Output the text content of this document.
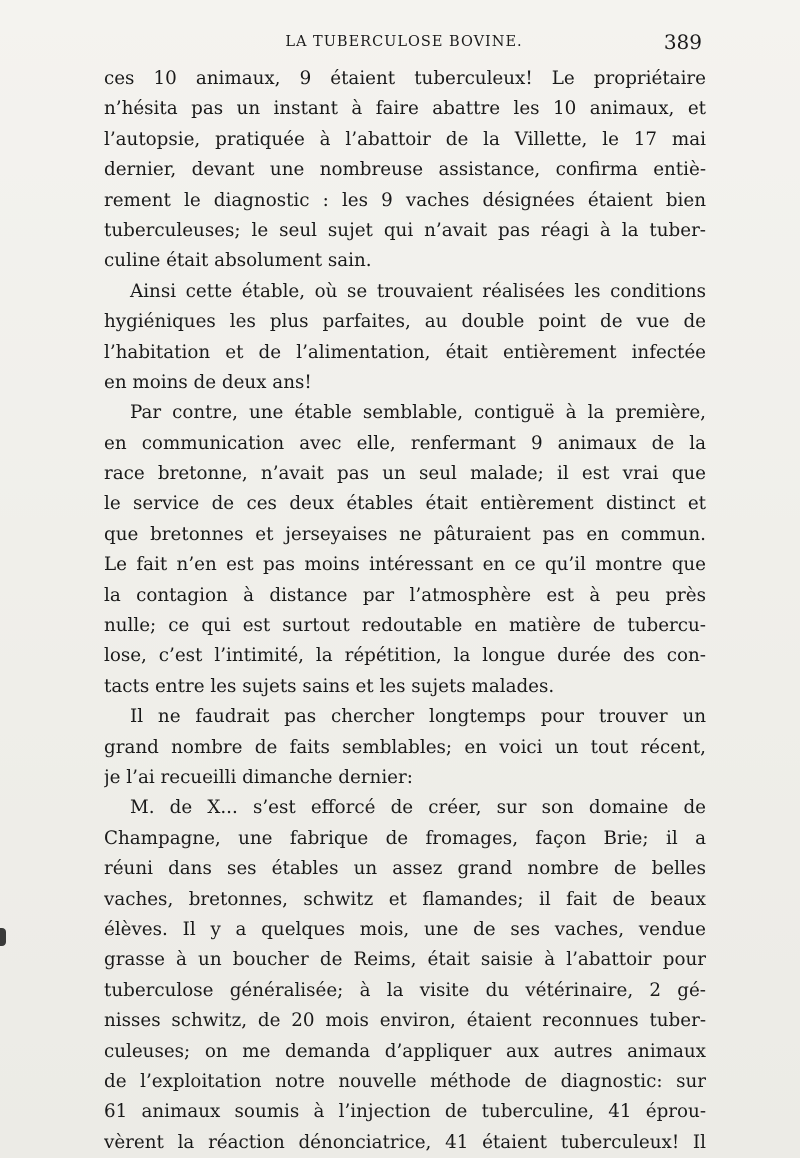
LA TUBERCULOSE BOVINE.	389
ces 10 animaux, 9 étaient tuberculeux! Le propriétaire
n’hésita pas un instant à faire abattre les 10 animaux, et
l’autopsie, pratiquée à l’abattoir de la Villette, le 17 mai
dernier, devant une nombreuse assistance, confirma entiè-
rement le diagnostic : les 9 vaches désignées étaient bien
tuberculeuses; le seul sujet qui n’avait pas réagi à la tuber-
culine était absolument sain.
Ainsi cette étable, où se trouvaient réalisées les conditions
hygiéniques les plus parfaites, au double point de vue de
l’habitation et de l’alimentation, était entièrement infectée
en moins de deux ans!
Par contre, une étable semblable, contiguë à la première,
en communication avec elle, renfermant 9 animaux de la
race bretonne, n’avait pas un seul malade; il est vrai que
le service de ces deux étables était entièrement distinct et
que bretonnes et jerseyaises ne pâturaient pas en commun.
Le fait n’en est pas moins intéressant en ce qu’il montre que
la contagion à distance par l’atmosphère est à peu près
nulle; ce qui est surtout redoutable en matière de tubercu-
lose, c’est l’intimité, la répétition, la longue durée des con-
tacts entre les sujets sains et les sujets malades.
Il ne faudrait pas chercher longtemps pour trouver un
grand nombre de faits semblables; en voici un tout récent,
je l’ai recueilli dimanche dernier:
M. de X... s’est efforcé de créer, sur son domaine de
Champagne, une fabrique de fromages, façon Brie; il a
réuni dans ses étables un assez grand nombre de belles
vaches, bretonnes, schwitz et flamandes; il fait de beaux
élèves. Il y a quelques mois, une de ses vaches, vendue
grasse à un boucher de Reims, était saisie à l’abattoir pour
tuberculose généralisée; à la visite du vétérinaire, 2 gé-
nisses schwitz, de 20 mois environ, étaient reconnues tuber-
culeuses; on me demanda d’appliquer aux autres animaux
de l’exploitation notre nouvelle méthode de diagnostic: sur
61 animaux soumis à l’injection de tuberculine, 41 éprou-
vèrent la réaction dénonciatrice, 41 étaient tuberculeux! Il
